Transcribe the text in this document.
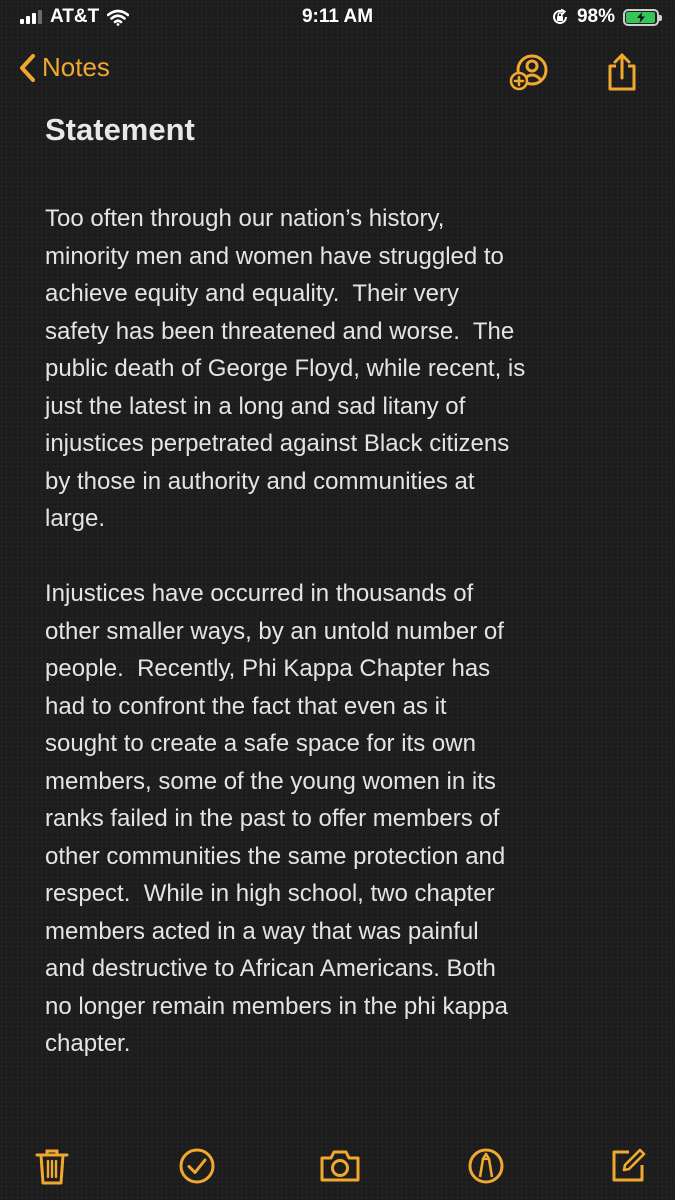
AT&T	9:11 AM	98%
Notes
Statement

Too often through our nation’s history,
minority men and women have struggled to
achieve equity and equality.  Their very
safety has been threatened and worse.  The
public death of George Floyd, while recent, is
just the latest in a long and sad litany of
injustices perpetrated against Black citizens
by those in authority and communities at
large.

Injustices have occurred in thousands of
other smaller ways, by an untold number of
people.  Recently, Phi Kappa Chapter has
had to confront the fact that even as it
sought to create a safe space for its own
members, some of the young women in its
ranks failed in the past to offer members of
other communities the same protection and
respect.  While in high school, two chapter
members acted in a way that was painful
and destructive to African Americans. Both
no longer remain members in the phi kappa
chapter.
